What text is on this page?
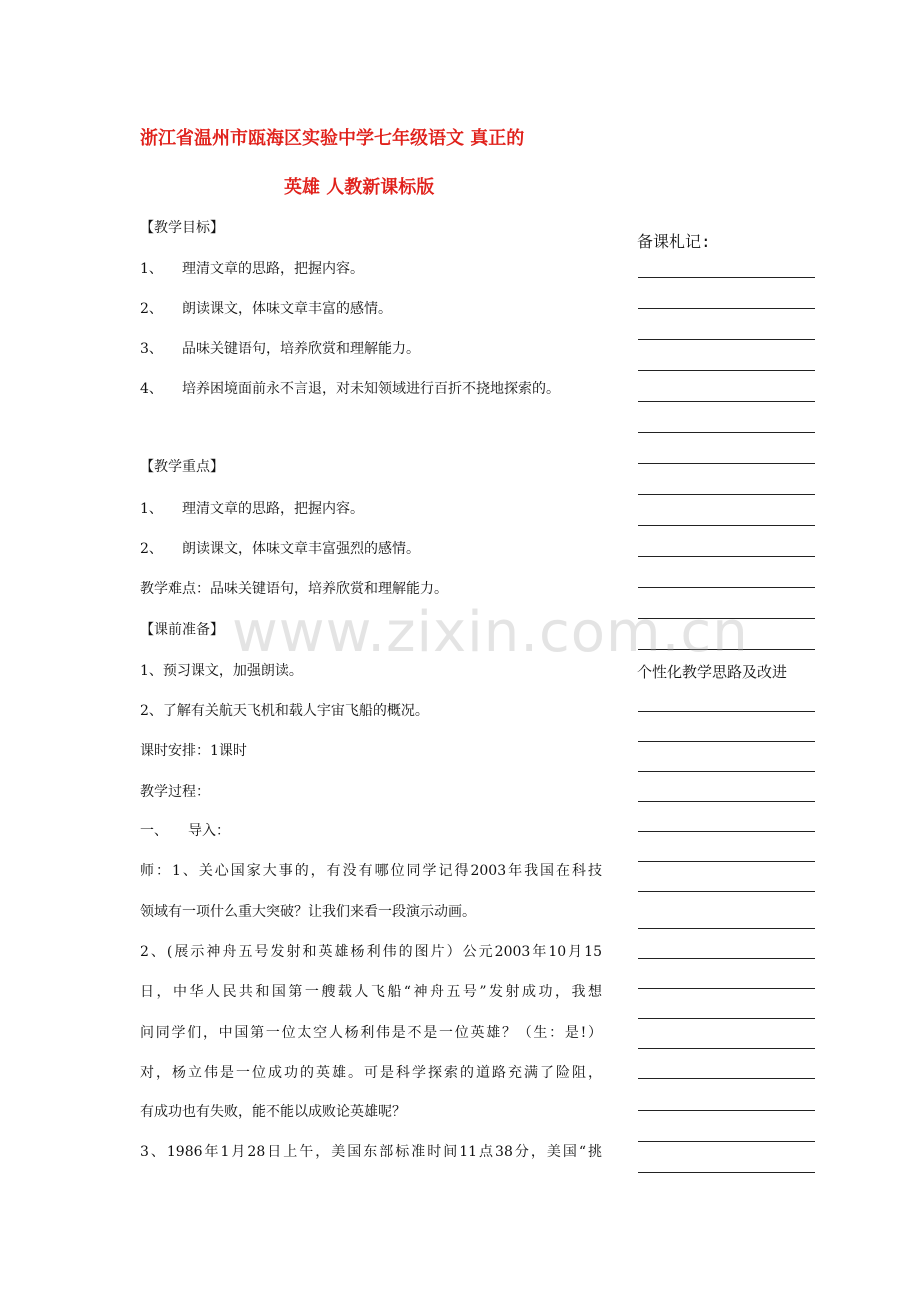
浙江省温州市瓯海区实验中学七年级语文 真正的
英雄 人教新课标版
【教学目标】
1、 理清文章的思路，把握内容。
2、 朗读课文，体味文章丰富的感情。
3、 品味关键语句，培养欣赏和理解能力。
4、 培养困境面前永不言退，对未知领域进行百折不挠地探索的。
【教学重点】
1、 理清文章的思路，把握内容。
2、 朗读课文，体味文章丰富强烈的感情。
教学难点：品味关键语句，培养欣赏和理解能力。
【课前准备】
1、预习课文，加强朗读。
2、了解有关航天飞机和载人宇宙飞船的概况。
课时安排：1课时
教学过程：
一、 导入：
师：1、关心国家大事的，有没有哪位同学记得2003年我国在科技
领域有一项什么重大突破？让我们来看一段演示动画。
2、(展示神舟五号发射和英雄杨利伟的图片）公元2003年10月15
日，中华人民共和国第一艘载人飞船“神舟五号”发射成功，我想
问同学们，中国第一位太空人杨利伟是不是一位英雄？（生：是!）
对，杨立伟是一位成功的英雄。可是科学探索的道路充满了险阻，
有成功也有失败，能不能以成败论英雄呢？
3、1986年1月28日上午，美国东部标准时间11点38分，美国“挑
备课札记:
个性化教学思路及改进
www.zixin.com.cn
